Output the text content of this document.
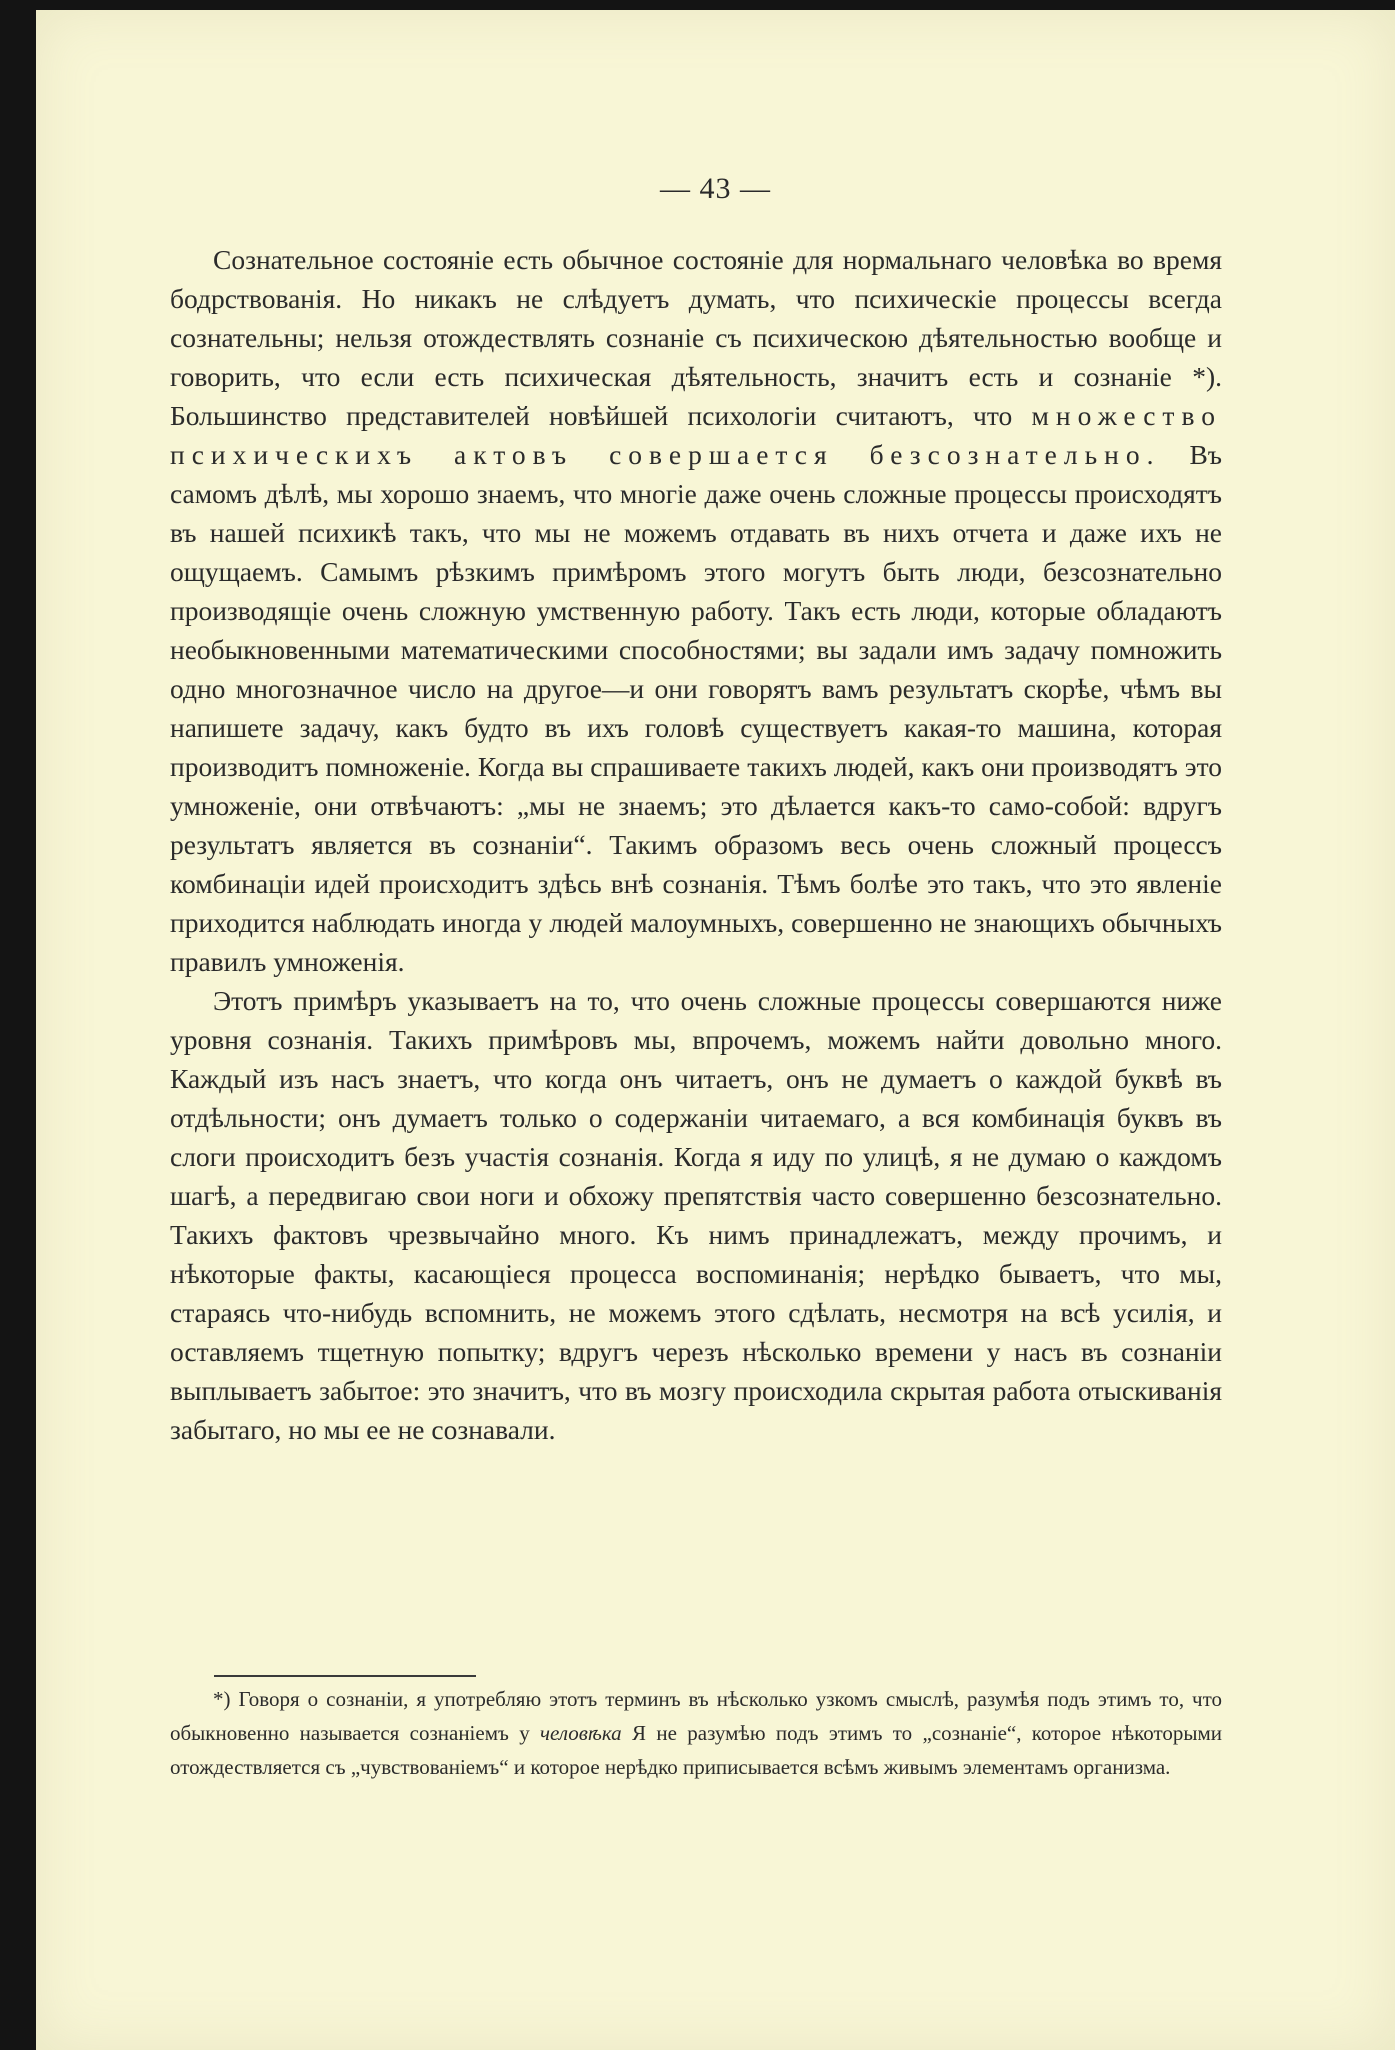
— 43 —

Сознательное состояніе есть обычное состояніе для нормальнаго человѣка во время бодрствованія. Но никакъ не слѣдуетъ думать, что психическіе процессы всегда сознательны; нельзя отождествлять сознаніе съ психическою дѣятельностью вообще и говорить, что если есть психическая дѣятельность, значитъ есть и сознаніе *). Большинство представителей новѣйшей психологіи считаютъ, что множество психическихъ актовъ совершается безсознательно. Въ самомъ дѣлѣ, мы хорошо знаемъ, что многіе даже очень сложные процессы происходятъ въ нашей психикѣ такъ, что мы не можемъ отдавать въ нихъ отчета и даже ихъ не ощущаемъ. Самымъ рѣзкимъ примѣромъ этого могутъ быть люди, безсознательно производящіе очень сложную умственную работу. Такъ есть люди, которые обладаютъ необыкновенными математическими способностями; вы задали имъ задачу помножить одно многозначное число на другое—и они говорятъ вамъ результатъ скорѣе, чѣмъ вы напишете задачу, какъ будто въ ихъ головѣ существуетъ какая-то машина, которая производитъ помноженіе. Когда вы спрашиваете такихъ людей, какъ они производятъ это умноженіе, они отвѣчаютъ: „мы не знаемъ; это дѣлается какъ-то само-собой: вдругъ результатъ является въ сознаніи“. Такимъ образомъ весь очень сложный процессъ комбинаціи идей происходитъ здѣсь внѣ сознанія. Тѣмъ болѣе это такъ, что это явленіе приходится наблюдать иногда у людей малоумныхъ, совершенно не знающихъ обычныхъ правилъ умноженія.

Этотъ примѣръ указываетъ на то, что очень сложные процессы совершаются ниже уровня сознанія. Такихъ примѣровъ мы, впрочемъ, можемъ найти довольно много. Каждый изъ насъ знаетъ, что когда онъ читаетъ, онъ не думаетъ о каждой буквѣ въ отдѣльности; онъ думаетъ только о содержаніи читаемаго, а вся комбинація буквъ въ слоги происходитъ безъ участія сознанія. Когда я иду по улицѣ, я не думаю о каждомъ шагѣ, а передвигаю свои ноги и обхожу препятствія часто совершенно безсознательно. Такихъ фактовъ чрезвычайно много. Къ нимъ принадлежатъ, между прочимъ, и нѣкоторые факты, касающіеся процесса воспоминанія; нерѣдко бываетъ, что мы, стараясь что-нибудь вспомнить, не можемъ этого сдѣлать, несмотря на всѣ усилія, и оставляемъ тщетную попытку; вдругъ черезъ нѣсколько времени у насъ въ сознаніи выплываетъ забытое: это значитъ, что въ мозгу происходила скрытая работа отыскиванія забытаго, но мы ее не сознавали.

*) Говоря о сознаніи, я употребляю этотъ терминъ въ нѣсколько узкомъ смыслѣ, разумѣя подъ этимъ то, что обыкновенно называется сознаніемъ у человѣка Я не разумѣю подъ этимъ то „сознаніе“, которое нѣкоторыми отождествляется съ „чувствованіемъ“ и которое нерѣдко приписывается всѣмъ живымъ элементамъ организма.
